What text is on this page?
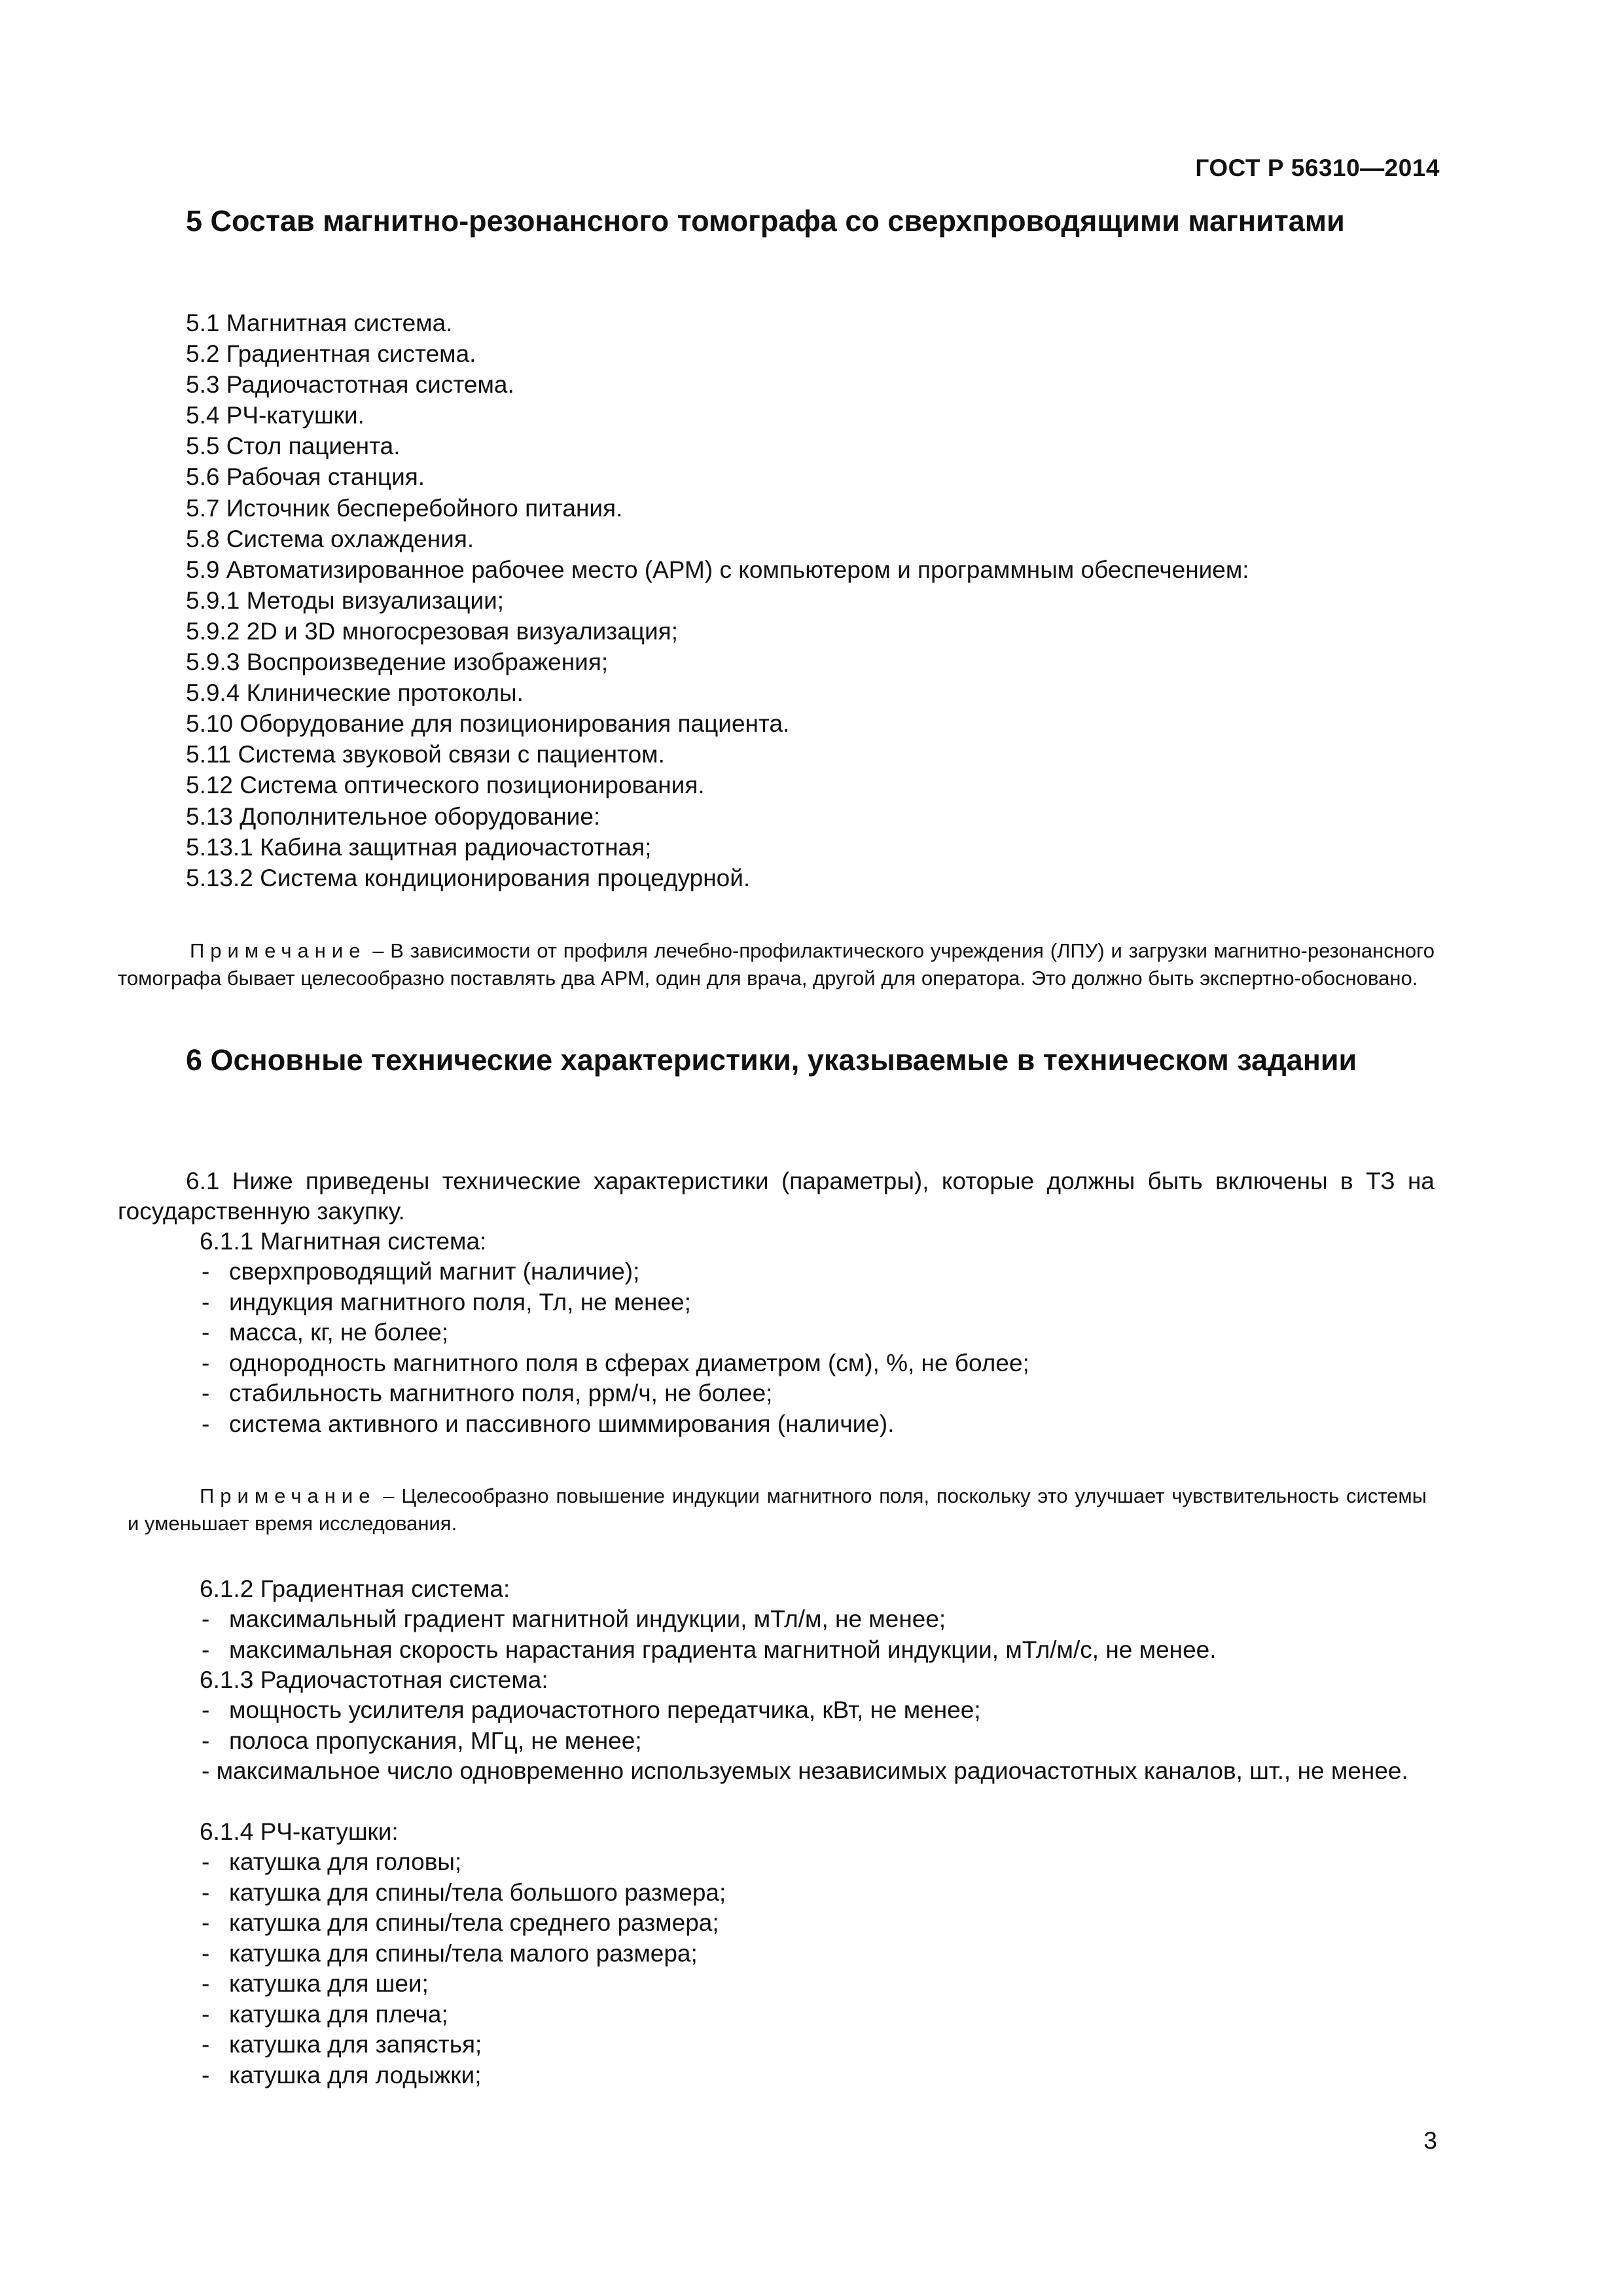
ГОСТ Р 56310—2014
5 Состав магнитно-резонансного томографа со сверхпроводящими магнитами
5.1 Магнитная система.
5.2 Градиентная система.
5.3 Радиочастотная система.
5.4 РЧ-катушки.
5.5 Стол пациента.
5.6 Рабочая станция.
5.7 Источник бесперебойного питания.
5.8 Система охлаждения.
5.9 Автоматизированное рабочее место (АРМ) с компьютером и программным обеспечением:
5.9.1 Методы визуализации;
5.9.2 2D и 3D многосрезовая визуализация;
5.9.3 Воспроизведение изображения;
5.9.4 Клинические протоколы.
5.10 Оборудование для позиционирования пациента.
5.11 Система звуковой связи с пациентом.
5.12 Система оптического позиционирования.
5.13 Дополнительное оборудование:
5.13.1 Кабина защитная радиочастотная;
5.13.2 Система кондиционирования процедурной.

Примечание – В зависимости от профиля лечебно-профилактического учреждения (ЛПУ) и загрузки магнитно-резонансного томографа бывает целесообразно поставлять два АРМ, один для врача, другой для оператора. Это должно быть экспертно-обосновано.

6 Основные технические характеристики, указываемые в техническом задании

6.1 Ниже приведены технические характеристики (параметры), которые должны быть включены в ТЗ на государственную закупку.

6.1.1 Магнитная система:

- сверхпроводящий магнит (наличие);
- индукция магнитного поля, Тл, не менее;
- масса, кг, не более;
- однородность магнитного поля в сферах диаметром (см), %, не более;
- стабильность магнитного поля, ррм/ч, не более;
- система активного и пассивного шиммирования (наличие).

Примечание – Целесообразно повышение индукции магнитного поля, поскольку это улучшает чувствительность системы и уменьшает время исследования.

6.1.2 Градиентная система:

- максимальный градиент магнитной индукции, мТл/м, не менее;
- максимальная скорость нарастания градиента магнитной индукции, мТл/м/с, не менее.

6.1.3 Радиочастотная система:

- мощность усилителя радиочастотного передатчика, кВт, не менее;
- полоса пропускания, МГц, не менее;

- максимальное число одновременно используемых независимых радиочастотных каналов, шт., не менее.

6.1.4 РЧ-катушки:

- катушка для головы;
- катушка для спины/тела большого размера;
- катушка для спины/тела среднего размера;
- катушка для спины/тела малого размера;
- катушка для шеи;
- катушка для плеча;
- катушка для запястья;
- катушка для лодыжки;
3
